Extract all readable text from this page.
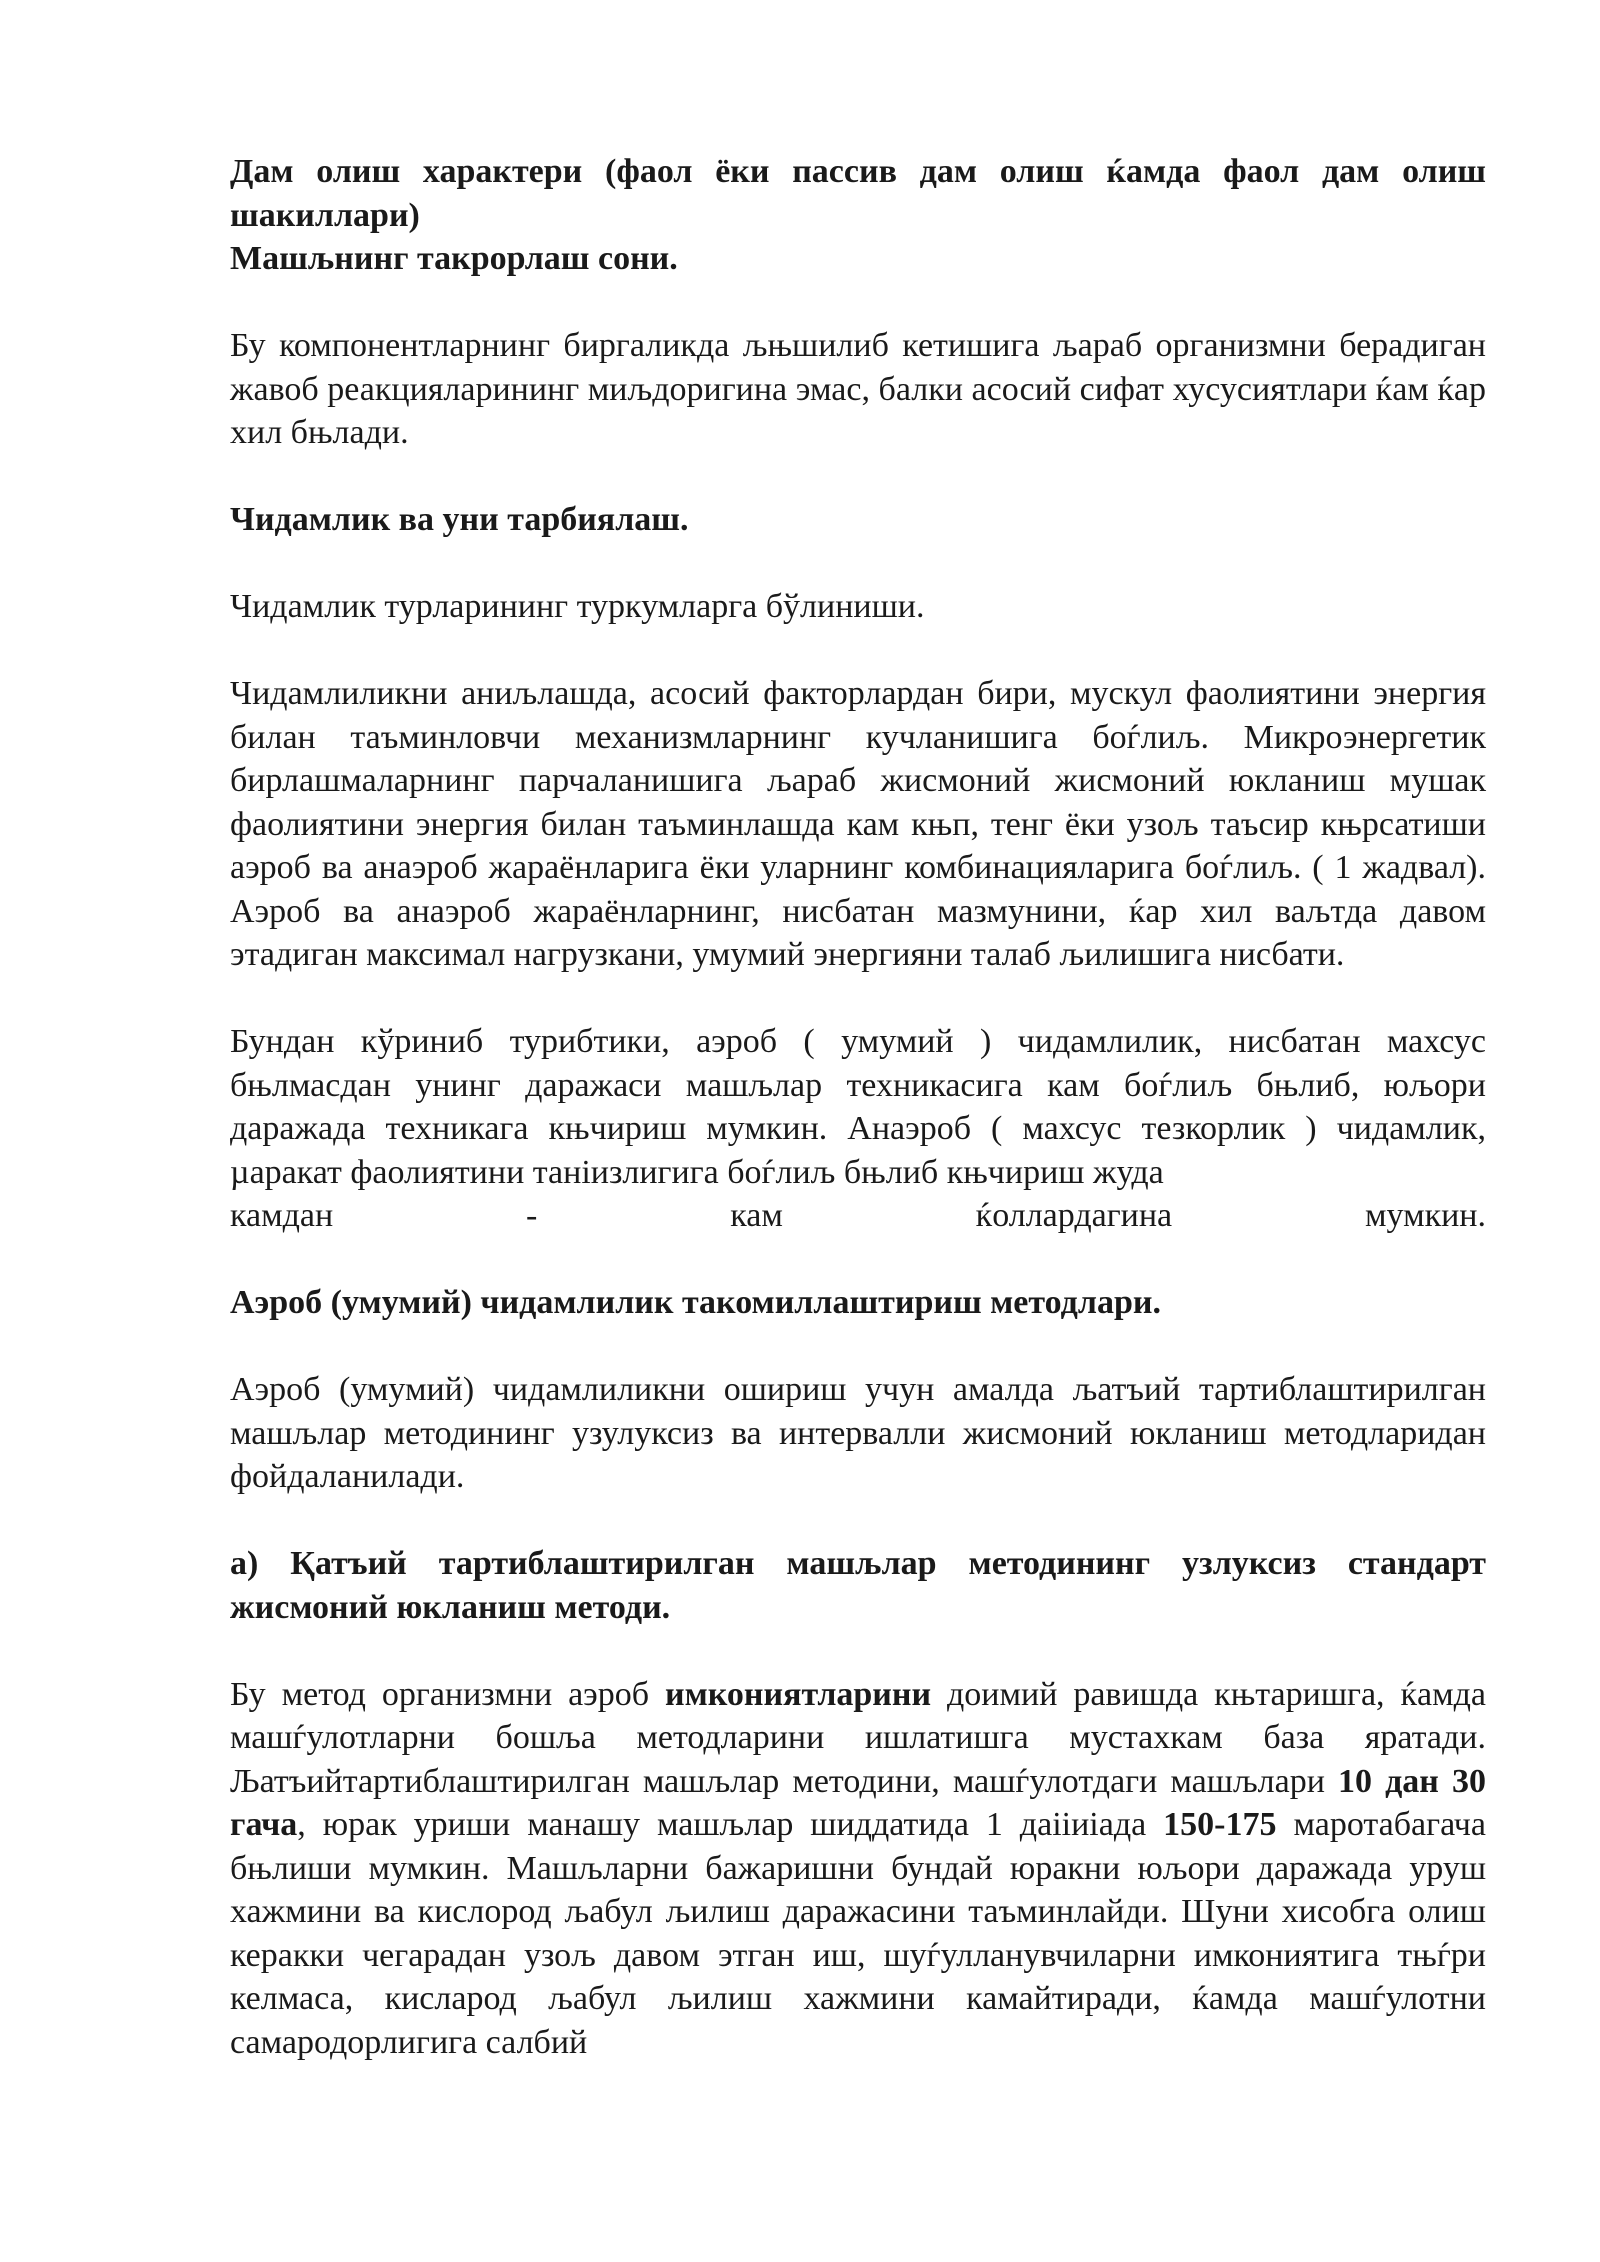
Дам олиш характери (фаол ёки пассив дам олиш ќамда фаол дам олиш шакиллари)

Машљнинг такрорлаш сони.

Бу компонентларнинг биргаликда љњшилиб кетишига љараб организмни берадиган жавоб реакцияларининг миљдоригина эмас, балки асосий сифат хусусиятлари ќам ќар хил бњлади.

Чидамлик ва уни тарбиялаш.

Чидамлик турларининг туркумларга бўлиниши.

Чидамлиликни аниљлашда, асосий факторлардан бири, мускул фаолиятини энергия билан таъминловчи механизмларнинг кучланишига боѓлиљ. Микроэнергетик бирлашмаларнинг парчаланишига љараб жисмоний жисмоний юкланиш мушак фаолиятини энергия билан таъминлашда кам књп, тенг ёки узољ таъсир књрсатиши аэроб ва анаэроб жараёнларига ёки уларнинг комбинацияларига боѓлиљ. ( 1 жадвал). Аэроб ва анаэроб жараёнларнинг, нисбатан мазмунини, ќар хил ваљтда давом этадиган максимал нагрузкани, умумий энергияни талаб љилишига нисбати.

Бундан кўриниб турибтики, аэроб ( умумий ) чидамлилик, нисбатан махсус бњлмасдан унинг даражаси машљлар техникасига кам боѓлиљ бњлиб, юљори даражада техникага књчириш мумкин. Анаэроб ( махсус тезкорлик ) чидамлик, µаракат фаолиятини таніизлигига боѓлиљ бњлиб књчириш жуда

камдан - кам ќоллардагина мумкин.

Аэроб (умумий) чидамлилик такомиллаштириш методлари.

Аэроб (умумий) чидамлиликни ошириш учун амалда љатъий тартиблаштирилган машљлар методининг узулуксиз ва интервалли жисмоний юкланиш методларидан фойдаланилади.

а) Қатъий тартиблаштирилган машљлар методининг узлуксиз стандарт жисмоний юкланиш методи.

Бу метод организмни аэроб имкониятларини доимий равишда књтаришга, ќамда машѓулотларни бошља методларини ишлатишга мустахкам база яратади. Љатъийтартиблаштирилган машљлар методини, машѓулотдаги машљлари 10 дан 30 гача, юрак уриши манашу машљлар шиддатида 1 даііиіада 150-175 маротабагача бњлиши мумкин. Машљларни бажаришни бундай юракни юљори даражада уруш хажмини ва кислород љабул љилиш даражасини таъминлайди. Шуни хисобга олиш керакки чегарадан узољ давом этган иш, шуѓулланувчиларни имкониятига тњѓри келмаса, кисларод љабул љилиш хажмини камайтиради, ќамда машѓулотни самародорлигига салбий
